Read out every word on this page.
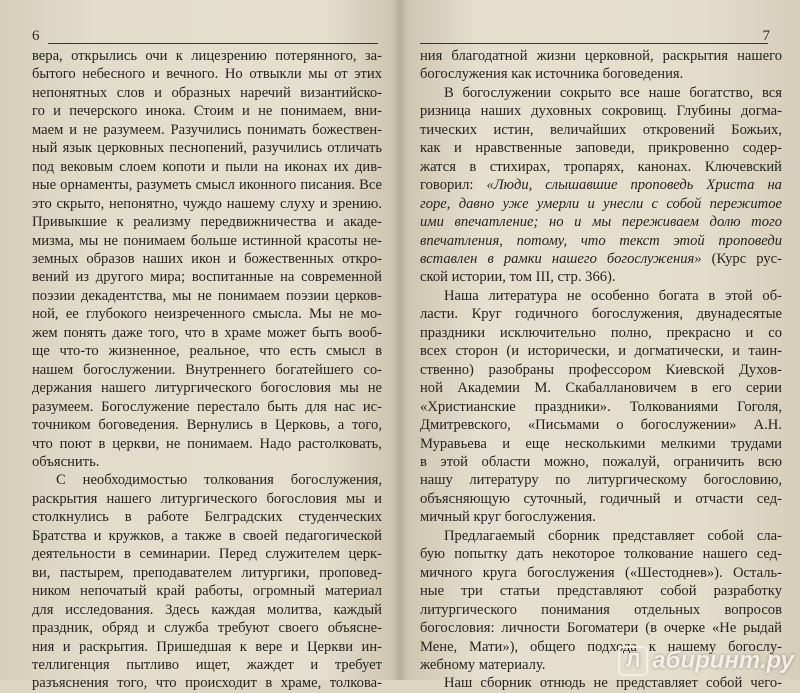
6
вера, открылись очи к лицезрению потерянного, за-
бытого небесного и вечного. Но отвыкли мы от этих
непонятных слов и образных наречий византийско-
го и печерского инока. Стоим и не понимаем, вни-
маем и не разумеем. Разучились понимать божествен-
ный язык церковных песнопений, разучились отличать
под вековым слоем копоти и пыли на иконах их див-
ные орнаменты, разуметь смысл иконного писания. Все
это скрыто, непонятно, чуждо нашему слуху и зрению.
Привыкшие к реализму передвижничества и акаде-
мизма, мы не понимаем больше истинной красоты не-
земных образов наших икон и божественных откро-
вений из другого мира; воспитанные на современной
поэзии декадентства, мы не понимаем поэзии церков-
ной, ее глубокого неизреченного смысла. Мы не мо-
жем понять даже того, что в храме может быть вооб-
ще что-то жизненное, реальное, что есть смысл в
нашем богослужении. Внутреннего богатейшего со-
держания нашего литургического богословия мы не
разумеем. Богослужение перестало быть для нас ис-
точником боговедения. Вернулись в Церковь, а того,
что поют в церкви, не понимаем. Надо растолковать,
объяснить.
С необходимостью толкования богослужения,
раскрытия нашего литургического богословия мы и
столкнулись в работе Белградских студенческих
Братства и кружков, а также в своей педагогической
деятельности в семинарии. Перед служителем церк-
ви, пастырем, преподавателем литургики, проповед-
ником непочатый край работы, огромный материал
для исследования. Здесь каждая молитва, каждый
праздник, обряд и служба требуют своего объясне-
ния и раскрытия. Пришедшая к вере и Церкви ин-
теллигенция пытливо ищет, жаждет и требует
разъяснения того, что происходит в храме, толкова-
7
ния благодатной жизни церковной, раскрытия нашего
богослужения как источника боговедения.
В богослужении сокрыто все наше богатство, вся
ризница наших духовных сокровищ. Глубины догма-
тических истин, величайших откровений Божьих,
как и нравственные заповеди, прикровенно содер-
жатся в стихирах, тропарях, канонах. Ключевский
говорил: «Люди, слышавшие проповедь Христа на
горе, давно уже умерли и унесли с собой пережитое
ими впечатление; но и мы переживаем долю того
впечатления, потому, что текст этой проповеди
вставлен в рамки нашего богослужения» (Курс рус-
ской истории, том III, стр. 366).
Наша литература не особенно богата в этой об-
ласти. Круг годичного богослужения, двунадесятые
праздники исключительно полно, прекрасно и со
всех сторон (и исторически, и догматически, и таин-
ственно) разобраны профессором Киевской Духов-
ной Академии М. Скабаллановичем в его серии
«Христианские праздники». Толкованиями Гоголя,
Дмитревского, «Письмами о богослужении» А.Н.
Муравьева и еще несколькими мелкими трудами
в этой области можно, пожалуй, ограничить всю
нашу литературу по литургическому богословию,
объясняющую суточный, годичный и отчасти сед-
мичный круг богослужения.
Предлагаемый сборник представляет собой сла-
бую попытку дать некоторое толкование нашего сед-
мичного круга богослужения («Шестоднев»). Осталь-
ные три статьи представляют собой разработку
литургического понимания отдельных вопросов
богословия: личности Богоматери (в очерке «Не рыдай
Мене, Мати»), общего подхода к нашему богослу-
жебному материалу.
Наш сборник отнюдь не представляет собой чего-
Л абиринт.ру
